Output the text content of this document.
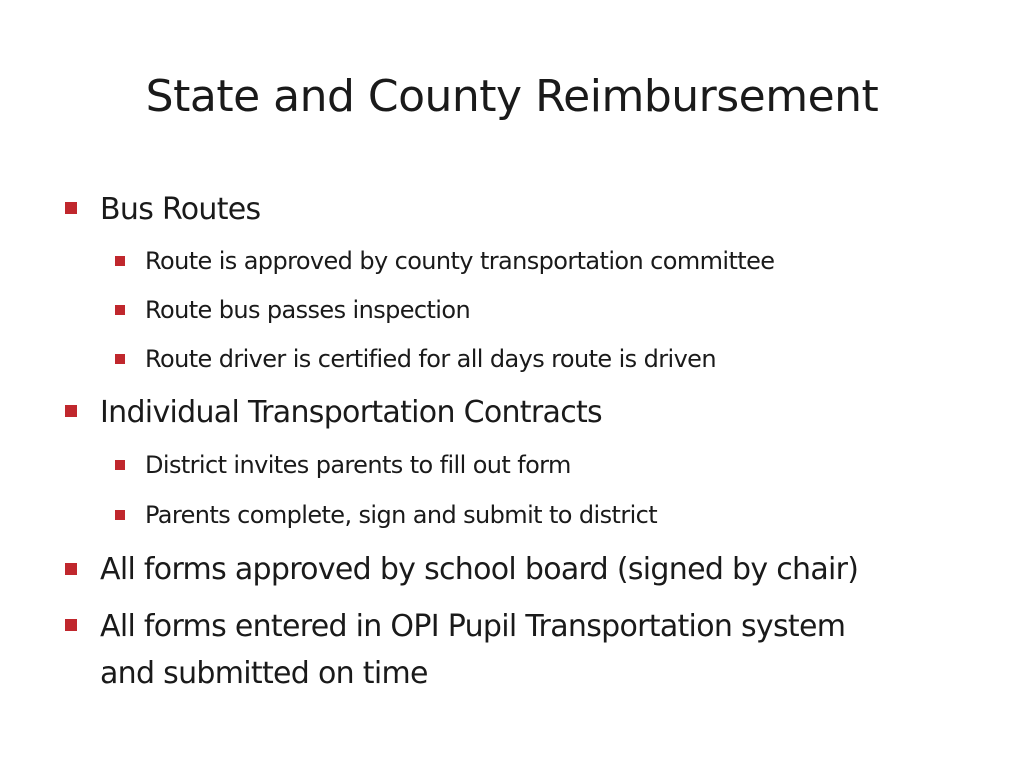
State and County Reimbursement
Bus Routes
Route is approved by county transportation committee
Route bus passes inspection
Route driver is certified for all days route is driven
Individual Transportation Contracts
District invites parents to fill out form
Parents complete, sign and submit to district
All forms approved by school board (signed by chair)
All forms entered in OPI Pupil Transportation system
and submitted on time
